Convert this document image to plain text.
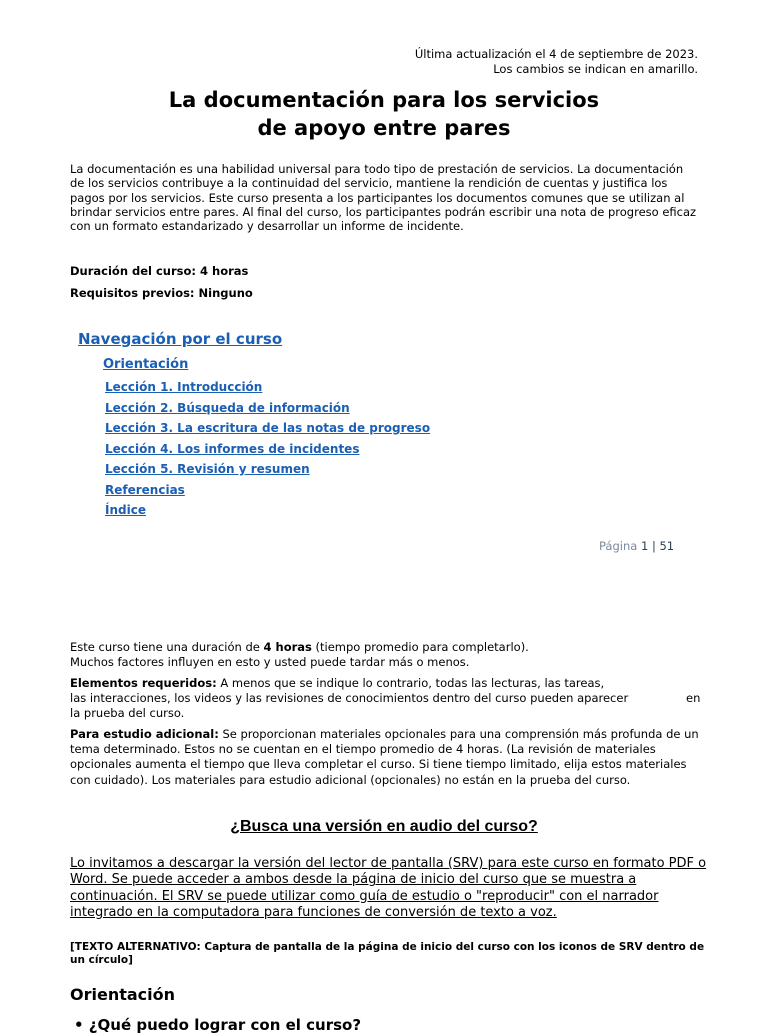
Última actualización el 4 de septiembre de 2023.
Los cambios se indican en amarillo.
La documentación para los servicios
de apoyo entre pares
La documentación es una habilidad universal para todo tipo de prestación de servicios. La documentación de los servicios contribuye a la continuidad del servicio, mantiene la rendición de cuentas y justifica los pagos por los servicios. Este curso presenta a los participantes los documentos comunes que se utilizan al brindar servicios entre pares. Al final del curso, los participantes podrán escribir una nota de progreso eficaz con un formato estandarizado y desarrollar un informe de incidente.
Duración del curso: 4 horas
Requisitos previos: Ninguno
Navegación por el curso
Orientación
Lección 1. Introducción
Lección 2. Búsqueda de información
Lección 3. La escritura de las notas de progreso
Lección 4. Los informes de incidentes
Lección 5. Revisión y resumen
Referencias
Índice
Página 1 | 51
Este curso tiene una duración de 4 horas (tiempo promedio para completarlo).
Muchos factores influyen en esto y usted puede tardar más o menos.
Elementos requeridos: A menos que se indique lo contrario, todas las lecturas, las tareas,
las interacciones, los videos y las revisiones de conocimientos dentro del curso pueden aparecer	en

la prueba del curso.
Para estudio adicional: Se proporcionan materiales opcionales para una comprensión más profunda de un tema determinado. Estos no se cuentan en el tiempo promedio de 4 horas. (La revisión de materiales opcionales aumenta el tiempo que lleva completar el curso. Si tiene tiempo limitado, elija estos materiales con cuidado). Los materiales para estudio adicional (opcionales) no están en la prueba del curso.
¿Busca una versión en audio del curso?
Lo invitamos a descargar la versión del lector de pantalla (SRV) para este curso en formato PDF o Word. Se puede acceder a ambos desde la página de inicio del curso que se muestra a continuación. El SRV se puede utilizar como guía de estudio o "reproducir" con el narrador integrado en la computadora para funciones de conversión de texto a voz.
[TEXTO ALTERNATIVO: Captura de pantalla de la página de inicio del curso con los iconos de SRV dentro de un círculo]
Orientación
• ¿Qué puedo lograr con el curso?
